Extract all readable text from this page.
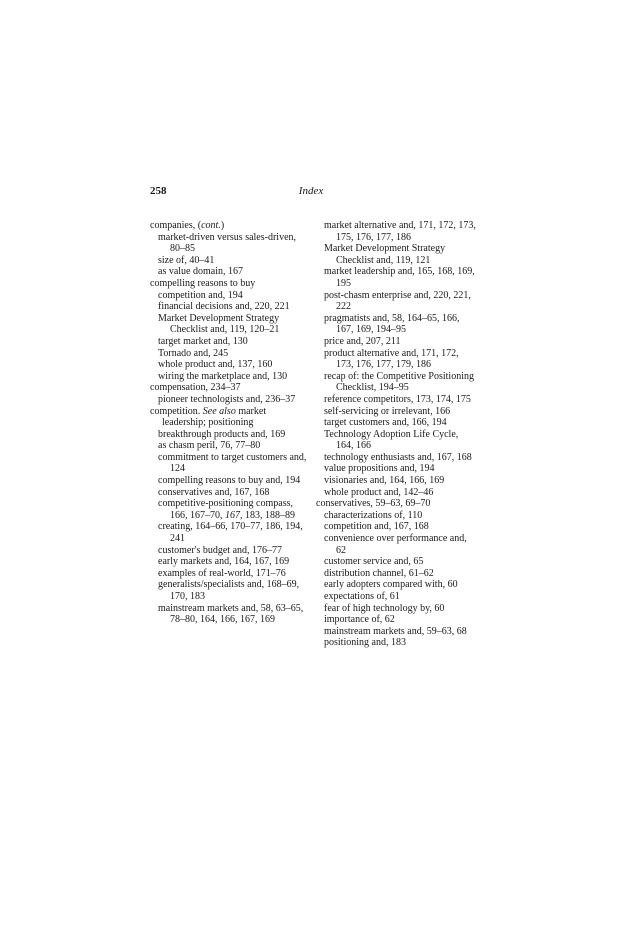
258	Index

companies, (cont.)

market-driven versus sales-driven, 80–85

size of, 40–41

as value domain, 167

compelling reasons to buy

competition and, 194

financial decisions and, 220, 221

Market Development Strategy Checklist and, 119, 120–21

target market and, 130

Tornado and, 245

whole product and, 137, 160

wiring the marketplace and, 130

compensation, 234–37

pioneer technologists and, 236–37

competition. See also market leadership; positioning

breakthrough products and, 169

as chasm peril, 76, 77–80

commitment to target customers and, 124

compelling reasons to buy and, 194

conservatives and, 167, 168

competitive-positioning compass, 166, 167–70, 167, 183, 188–89

creating, 164–66, 170–77, 186, 194, 241

customer's budget and, 176–77

early markets and, 164, 167, 169

examples of real-world, 171–76

generalists/specialists and, 168–69, 170, 183

mainstream markets and, 58, 63–65, 78–80, 164, 166, 167, 169

market alternative and, 171, 172, 173, 175, 176, 177, 186

Market Development Strategy Checklist and, 119, 121

market leadership and, 165, 168, 169, 195

post-chasm enterprise and, 220, 221, 222

pragmatists and, 58, 164–65, 166, 167, 169, 194–95

price and, 207, 211

product alternative and, 171, 172, 173, 176, 177, 179, 186

recap of: the Competitive Positioning Checklist, 194–95

reference competitors, 173, 174, 175

self-servicing or irrelevant, 166

target customers and, 166, 194

Technology Adoption Life Cycle, 164, 166

technology enthusiasts and, 167, 168

value propositions and, 194

visionaries and, 164, 166, 169

whole product and, 142–46

conservatives, 59–63, 69–70

characterizations of, 110

competition and, 167, 168

convenience over performance and, 62

customer service and, 65

distribution channel, 61–62

early adopters compared with, 60

expectations of, 61

fear of high technology by, 60

importance of, 62

mainstream markets and, 59–63, 68

positioning and, 183
